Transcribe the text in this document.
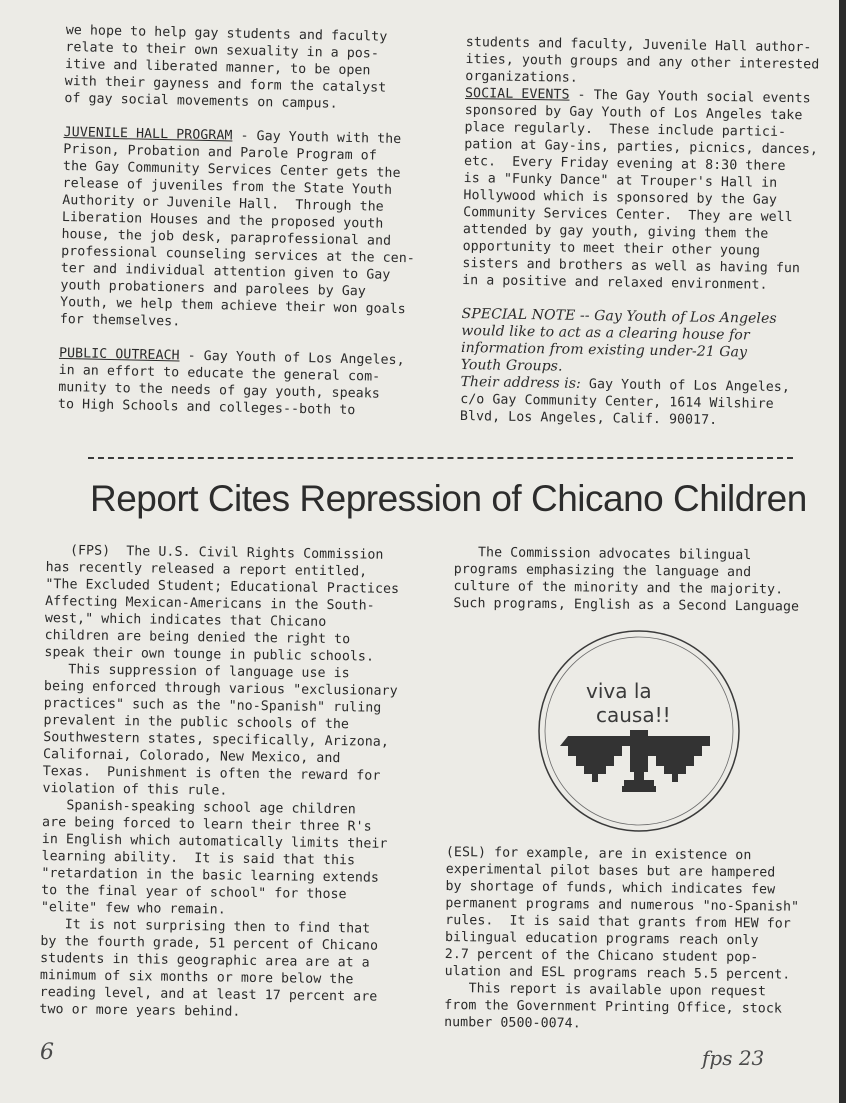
we hope to help gay students and faculty

relate to their own sexuality in a pos-

itive and liberated manner, to be open

with their gayness and form the catalyst

of gay social movements on campus.

JUVENILE HALL PROGRAM - Gay Youth with the

Prison, Probation and Parole Program of

the Gay Community Services Center gets the

release of juveniles from the State Youth

Authority or Juvenile Hall.  Through the

Liberation Houses and the proposed youth

house, the job desk, paraprofessional and

professional counseling services at the cen-

ter and individual attention given to Gay

youth probationers and parolees by Gay

Youth, we help them achieve their won goals

for themselves.

PUBLIC OUTREACH - Gay Youth of Los Angeles,

in an effort to educate the general com-

munity to the needs of gay youth, speaks

to High Schools and colleges--both to

students and faculty, Juvenile Hall author-

ities, youth groups and any other interested

organizations.

SOCIAL EVENTS - The Gay Youth social events

sponsored by Gay Youth of Los Angeles take

place regularly.  These include partici-

pation at Gay-ins, parties, picnics, dances,

etc.  Every Friday evening at 8:30 there

is a "Funky Dance" at Trouper's Hall in

Hollywood which is sponsored by the Gay

Community Services Center.  They are well

attended by gay youth, giving them the

opportunity to meet their other young

sisters and brothers as well as having fun

in a positive and relaxed environment.

SPECIAL NOTE -- Gay Youth of Los Angeles

would like to act as a clearing house for

information from existing under-21 Gay

Youth Groups.

Their address is: Gay Youth of Los Angeles,

c/o Gay Community Center, 1614 Wilshire

Blvd, Los Angeles, Calif. 90017.

Report Cites Repression of Chicano Children

(FPS)  The U.S. Civil Rights Commission

has recently released a report entitled,

"The Excluded Student; Educational Practices

Affecting Mexican-Americans in the South-

west," which indicates that Chicano

children are being denied the right to

speak their own tounge in public schools.

This suppression of language use is

being enforced through various "exclusionary

practices" such as the "no-Spanish" ruling

prevalent in the public schools of the

Southwestern states, specifically, Arizona,

Californai, Colorado, New Mexico, and

Texas.  Punishment is often the reward for

violation of this rule.

Spanish-speaking school age children

are being forced to learn their three R's

in English which automatically limits their

learning ability.  It is said that this

"retardation in the basic learning extends

to the final year of school" for those

"elite" few who remain.

It is not surprising then to find that

by the fourth grade, 51 percent of Chicano

students in this geographic area are at a

minimum of six months or more below the

reading level, and at least 17 percent are

two or more years behind.

The Commission advocates bilingual

programs emphasizing the language and

culture of the minority and the majority.

Such programs, English as a Second Language

viva la
causa!!

(ESL) for example, are in existence on

experimental pilot bases but are hampered

by shortage of funds, which indicates few

permanent programs and numerous "no-Spanish"

rules.  It is said that grants from HEW for

bilingual education programs reach only

2.7 percent of the Chicano student pop-

ulation and ESL programs reach 5.5 percent.

This report is available upon request

from the Government Printing Office, stock

number 0500-0074.

6	fps 23
